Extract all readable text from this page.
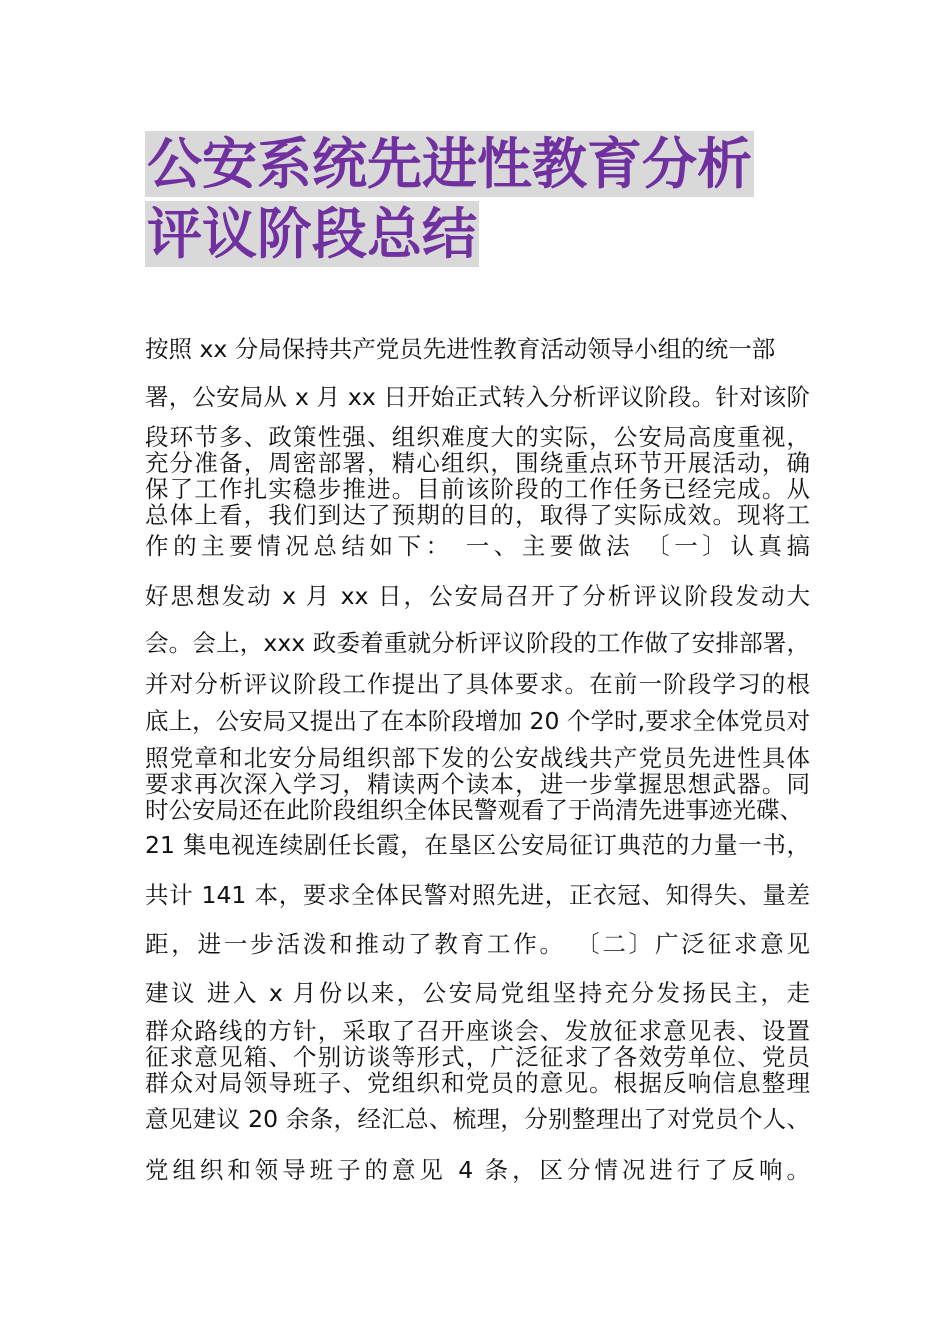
公安系统先进性教育分析
评议阶段总结
按照 xx 分局保持共产党员先进性教育活动领导小组的统一部
署，公安局从 x 月 xx 日开始正式转入分析评议阶段。针对该阶
段环节多、政策性强、组织难度大的实际，公安局高度重视，
充分准备，周密部署，精心组织，围绕重点环节开展活动，确
保了工作扎实稳步推进。目前该阶段的工作任务已经完成。从
总体上看，我们到达了预期的目的，取得了实际成效。现将工
作的主要情况总结如下： 一、主要做法 〔一〕认真搞
好思想发动 x 月 xx 日，公安局召开了分析评议阶段发动大
会。会上，xxx 政委着重就分析评议阶段的工作做了安排部署，
并对分析评议阶段工作提出了具体要求。在前一阶段学习的根
底上，公安局又提出了在本阶段增加 20 个学时,要求全体党员对
照党章和北安分局组织部下发的公安战线共产党员先进性具体
要求再次深入学习，精读两个读本，进一步掌握思想武器。同
时公安局还在此阶段组织全体民警观看了于尚清先进事迹光碟、
21 集电视连续剧任长霞，在垦区公安局征订典范的力量一书，
共计 141 本，要求全体民警对照先进，正衣冠、知得失、量差
距，进一步活泼和推动了教育工作。 〔二〕广泛征求意见
建议 进入 x 月份以来，公安局党组坚持充分发扬民主，走
群众路线的方针，采取了召开座谈会、发放征求意见表、设置
征求意见箱、个别访谈等形式，广泛征求了各效劳单位、党员
群众对局领导班子、党组织和党员的意见。根据反响信息整理
意见建议 20 余条，经汇总、梳理，分别整理出了对党员个人、
党组织和领导班子的意见 4 条，区分情况进行了反响。
